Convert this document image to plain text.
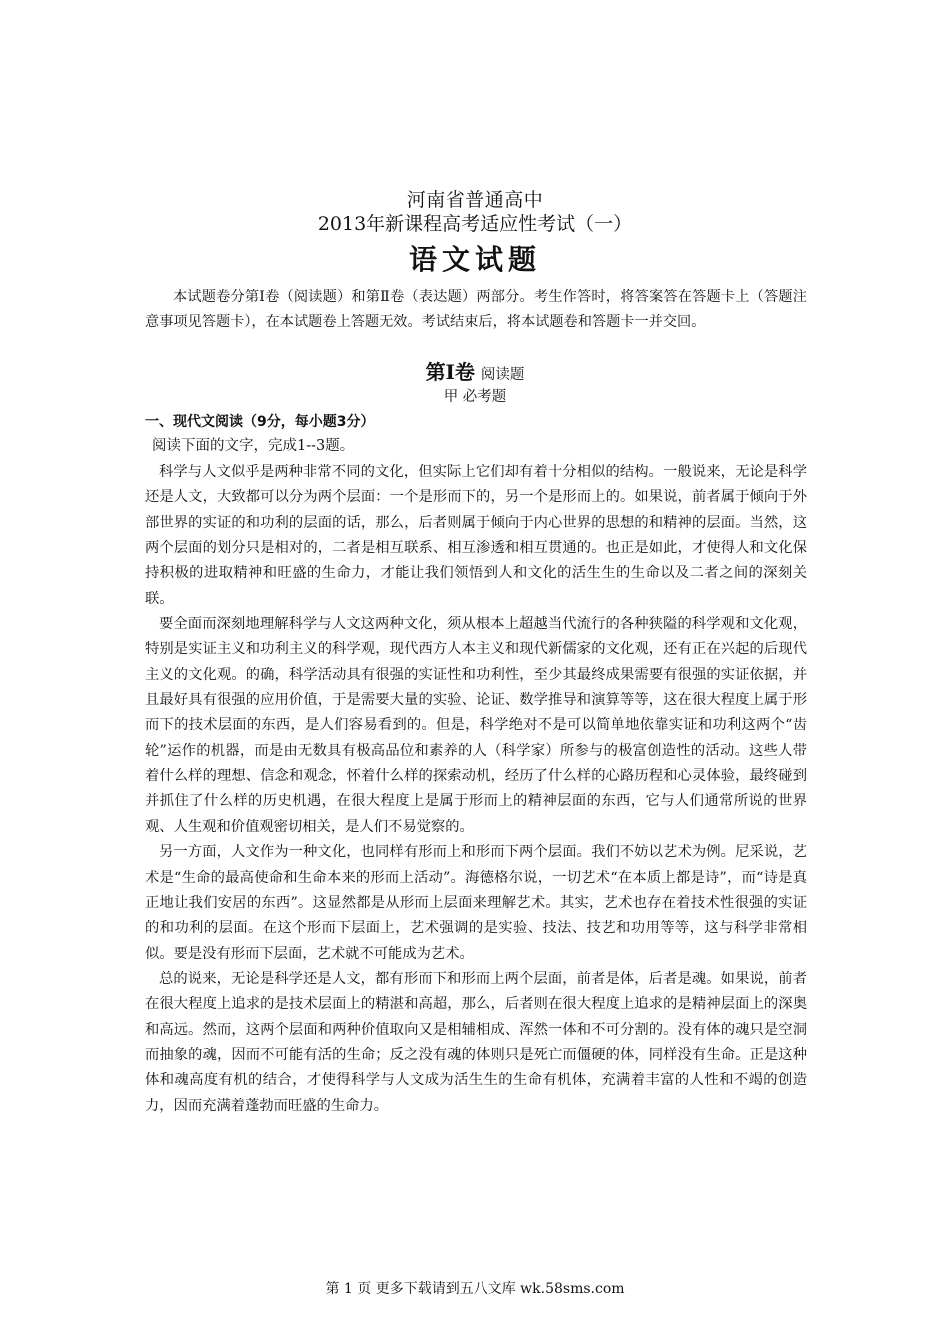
河南省普通高中
2013年新课程高考适应性考试（一）
语文试题

本试题卷分第Ⅰ卷（阅读题）和第Ⅱ卷（表达题）两部分。考生作答时，将答案答在答题卡上（答题注意事项见答题卡），在本试题卷上答题无效。考试结束后，将本试题卷和答题卡一并交回。

第Ⅰ卷 阅读题
甲 必考题
一、现代文阅读（9分，每小题3分）
阅读下面的文字，完成1--3题。

科学与人文似乎是两种非常不同的文化，但实际上它们却有着十分相似的结构。一般说来，无论是科学还是人文，大致都可以分为两个层面：一个是形而下的，另一个是形而上的。如果说，前者属于倾向于外部世界的实证的和功利的层面的话，那么，后者则属于倾向于内心世界的思想的和精神的层面。当然，这两个层面的划分只是相对的，二者是相互联系、相互渗透和相互贯通的。也正是如此，才使得人和文化保持积极的进取精神和旺盛的生命力，才能让我们领悟到人和文化的活生生的生命以及二者之间的深刻关联。

要全面而深刻地理解科学与人文这两种文化，须从根本上超越当代流行的各种狭隘的科学观和文化观，特别是实证主义和功利主义的科学观，现代西方人本主义和现代新儒家的文化观，还有正在兴起的后现代主义的文化观。的确，科学活动具有很强的实证性和功利性，至少其最终成果需要有很强的实证依据，并且最好具有很强的应用价值，于是需要大量的实验、论证、数学推导和演算等等，这在很大程度上属于形而下的技术层面的东西，是人们容易看到的。但是，科学绝对不是可以简单地依靠实证和功利这两个“齿轮”运作的机器，而是由无数具有极高品位和素养的人（科学家）所参与的极富创造性的活动。这些人带着什么样的理想、信念和观念，怀着什么样的探索动机，经历了什么样的心路历程和心灵体验，最终碰到并抓住了什么样的历史机遇，在很大程度上是属于形而上的精神层面的东西，它与人们通常所说的世界观、人生观和价值观密切相关，是人们不易觉察的。

另一方面，人文作为一种文化，也同样有形而上和形而下两个层面。我们不妨以艺术为例。尼采说，艺术是“生命的最高使命和生命本来的形而上活动”。海德格尔说，一切艺术“在本质上都是诗”，而“诗是真正地让我们安居的东西”。这显然都是从形而上层面来理解艺术。其实，艺术也存在着技术性很强的实证的和功利的层面。在这个形而下层面上，艺术强调的是实验、技法、技艺和功用等等，这与科学非常相似。要是没有形而下层面，艺术就不可能成为艺术。

总的说来，无论是科学还是人文，都有形而下和形而上两个层面，前者是体，后者是魂。如果说，前者在很大程度上追求的是技术层面上的精湛和高超，那么，后者则在很大程度上追求的是精神层面上的深奥和高远。然而，这两个层面和两种价值取向又是相辅相成、浑然一体和不可分割的。没有体的魂只是空洞而抽象的魂，因而不可能有活的生命；反之没有魂的体则只是死亡而僵硬的体，同样没有生命。正是这种体和魂高度有机的结合，才使得科学与人文成为活生生的生命有机体，充满着丰富的人性和不竭的创造力，因而充满着蓬勃而旺盛的生命力。

第 1 页 更多下载请到五八文库 wk.58sms.com
